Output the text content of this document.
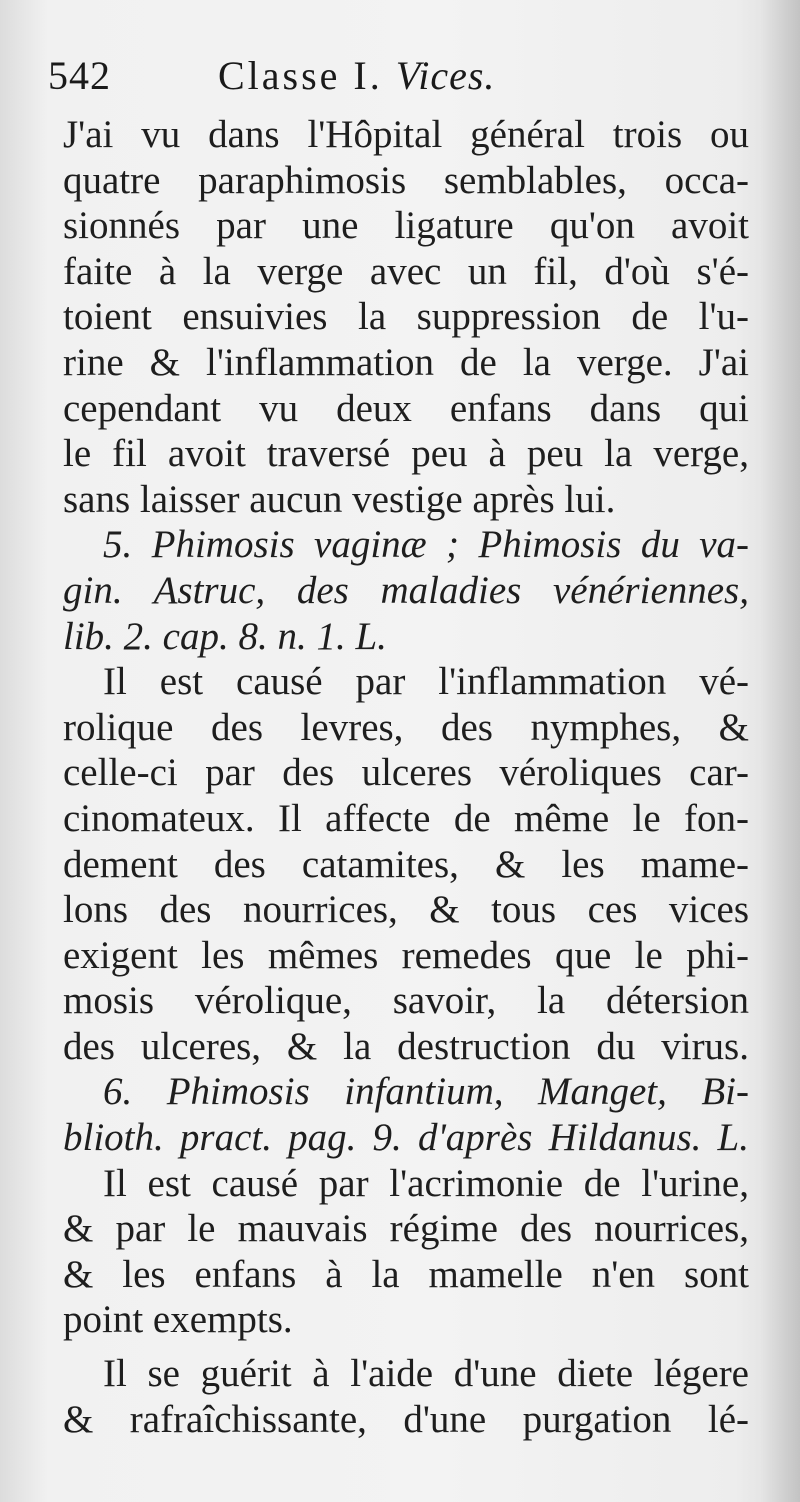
542	Classe I. Vices.
J'ai vu dans l'Hôpital général trois ou
quatre paraphimosis semblables, occa-
sionnés par une ligature qu'on avoit
faite à la verge avec un fil, d'où s'é-
toient ensuivies la suppression de l'u-
rine & l'inflammation de la verge. J'ai
cependant vu deux enfans dans qui
le fil avoit traversé peu à peu la verge,
sans laisser aucun vestige après lui.
5. Phimosis vaginæ ; Phimosis du va-
gin. Astruc, des maladies vénériennes,
lib. 2. cap. 8. n. 1. L.
Il est causé par l'inflammation vé-
rolique des levres, des nymphes, &
celle-ci par des ulceres véroliques car-
cinomateux. Il affecte de même le fon-
dement des catamites, & les mame-
lons des nourrices, & tous ces vices
exigent les mêmes remedes que le phi-
mosis vérolique, savoir, la détersion
des ulceres, & la destruction du virus.
6. Phimosis infantium, Manget, Bi-
blioth. pract. pag. 9. d'après Hildanus. L.
Il est causé par l'acrimonie de l'urine,
& par le mauvais régime des nourrices,
& les enfans à la mamelle n'en sont
point exempts.
Il se guérit à l'aide d'une diete légere
& rafraîchissante, d'une purgation lé-
